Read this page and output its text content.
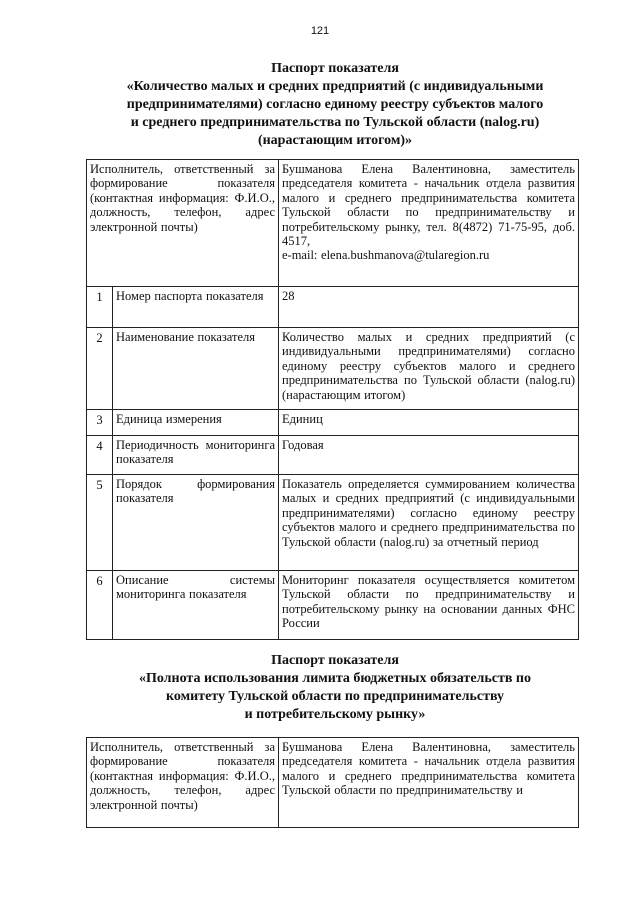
121
Паспорт показателя
«Количество малых и средних предприятий (с индивидуальными
предпринимателями) согласно единому реестру субъектов малого
и среднего предпринимательства по Тульской области (nalog.ru)
(нарастающим итогом)»
Исполнитель, ответственный за формирование показателя (контактная информация: Ф.И.О., должность, телефон, адрес электронной почты)		Бушманова Елена Валентиновна, заместитель председателя комитета - начальник отдела развития малого и среднего предпринимательства комитета Тульской области по предпринимательству и потребительскому рынку, тел. 8(4872) 71-75-95, доб. 4517,
e-mail: elena.bushmanova@tularegion.ru
1	Номер паспорта показателя	28
2	Наименование показателя	Количество малых и средних предприятий (с индивидуальными предпринимателями) согласно единому реестру субъектов малого и среднего предпринимательства по Тульской области (nalog.ru) (нарастающим итогом)
3	Единица измерения	Единиц
4	Периодичность мониторинга показателя	Годовая
5	Порядок формирования показателя	Показатель определяется суммированием количества малых и средних предприятий (с индивидуальными предпринимателями) согласно единому реестру субъектов малого и среднего предпринимательства по Тульской области (nalog.ru) за отчетный период
6	Описание системы мониторинга показателя	Мониторинг показателя осуществляется комитетом Тульской области по предпринимательству и потребительскому рынку на основании данных ФНС России
Паспорт показателя
«Полнота использования лимита бюджетных обязательств по
комитету Тульской области по предпринимательству
и потребительскому рынку»
Исполнитель, ответственный за формирование показателя (контактная информация: Ф.И.О., должность, телефон, адрес электронной почты)	Бушманова Елена Валентиновна, заместитель председателя комитета - начальник отдела развития малого и среднего предпринимательства комитета Тульской области по предпринимательству и
